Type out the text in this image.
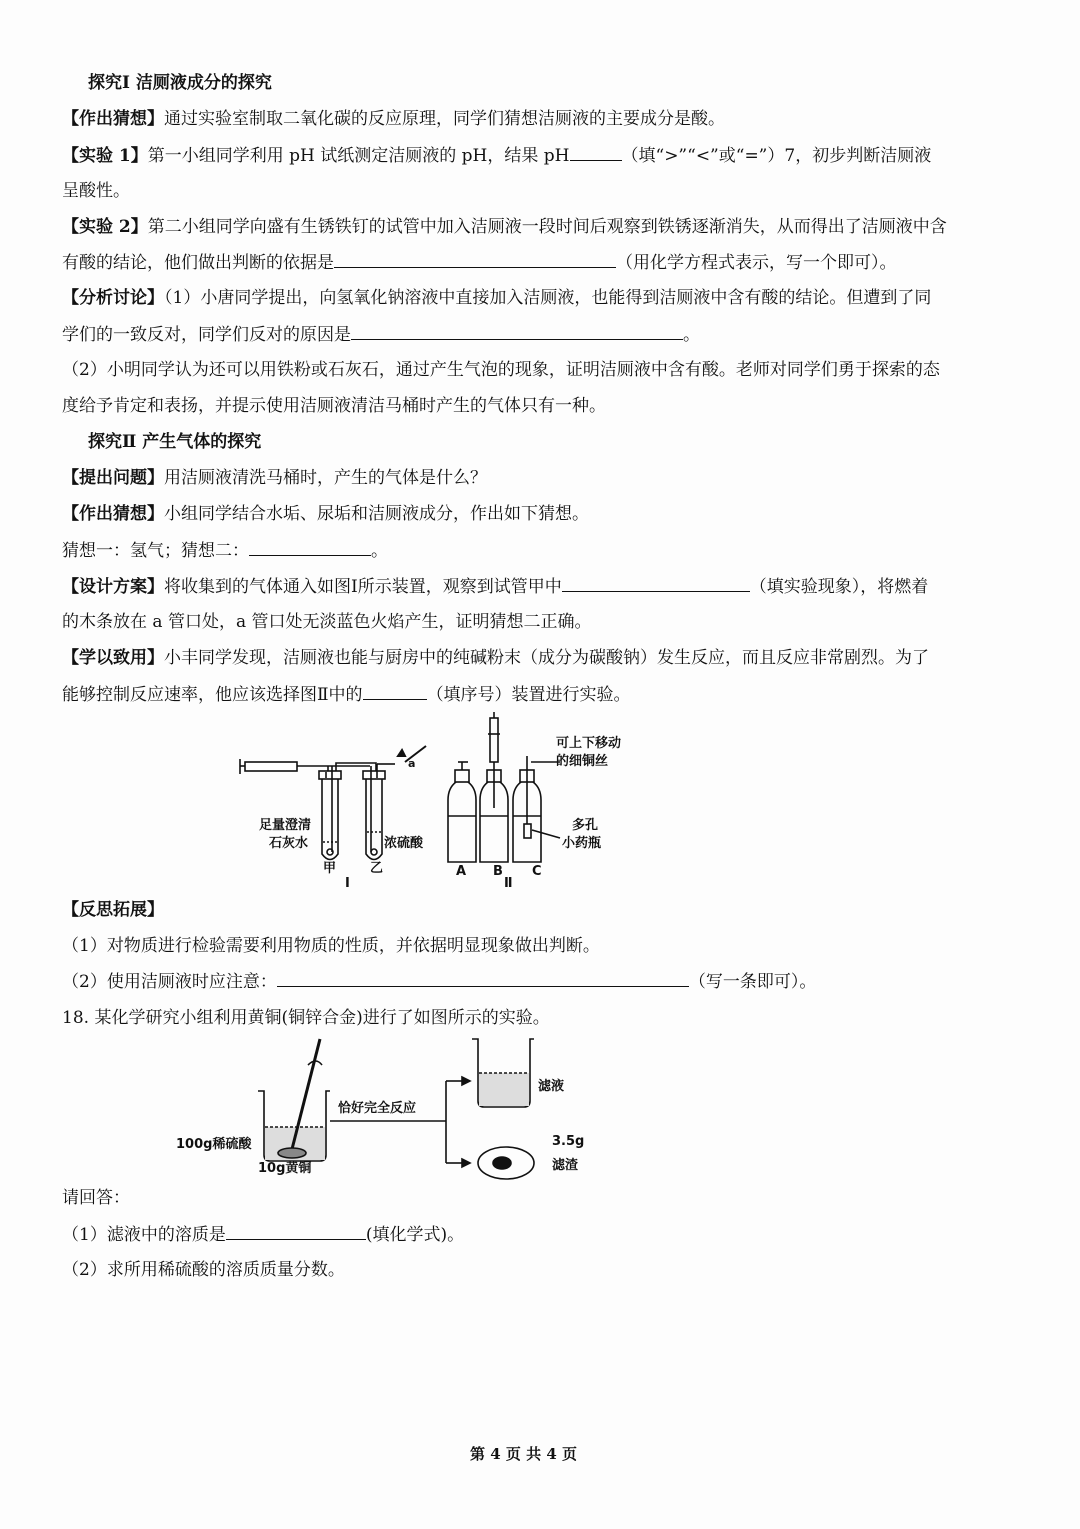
探究Ⅰ 洁厕液成分的探究
【作出猜想】通过实验室制取二氧化碳的反应原理，同学们猜想洁厕液的主要成分是酸。
【实验 1】第一小组同学利用 pH 试纸测定洁厕液的 pH，结果 pH	（填“>”“<”或“=”）7，初步判断洁厕液
呈酸性。
【实验 2】第二小组同学向盛有生锈铁钉的试管中加入洁厕液一段时间后观察到铁锈逐渐消失，从而得出了洁厕液中含
有酸的结论，他们做出判断的依据是	（用化学方程式表示，写一个即可）。
【分析讨论】（1）小唐同学提出，向氢氧化钠溶液中直接加入洁厕液，也能得到洁厕液中含有酸的结论。但遭到了同
学们的一致反对，同学们反对的原因是	。
（2）小明同学认为还可以用铁粉或石灰石，通过产生气泡的现象，证明洁厕液中含有酸。老师对同学们勇于探索的态
度给予肯定和表扬，并提示使用洁厕液清洁马桶时产生的气体只有一种。
探究Ⅱ 产生气体的探究
【提出问题】用洁厕液清洗马桶时，产生的气体是什么？
【作出猜想】小组同学结合水垢、尿垢和洁厕液成分，作出如下猜想。
猜想一：氢气；猜想二：	。
【设计方案】将收集到的气体通入如图Ⅰ所示装置，观察到试管甲中	（填实验现象），将燃着
的木条放在 a 管口处，a 管口处无淡蓝色火焰产生，证明猜想二正确。
【学以致用】小丰同学发现，洁厕液也能与厨房中的纯碱粉末（成分为碳酸钠）发生反应，而且反应非常剧烈。为了
能够控制反应速率，他应该选择图Ⅱ中的	（填序号）装置进行实验。
足量澄清
石灰水	浓硫酸
甲	乙
a
Ⅰ
可上下移动
的细铜丝
多孔
小药瓶
A B C
Ⅱ
【反思拓展】
（1）对物质进行检验需要利用物质的性质，并依据明显现象做出判断。
（2）使用洁厕液时应注意：	（写一条即可）。
18. 某化学研究小组利用黄铜(铜锌合金)进行了如图所示的实验。
100g稀硫酸
10g黄铜
恰好完全反应
滤液
3.5g
滤渣
请回答：
（1）滤液中的溶质是	(填化学式)。
（2）求所用稀硫酸的溶质质量分数。
第 4 页 共 4 页
